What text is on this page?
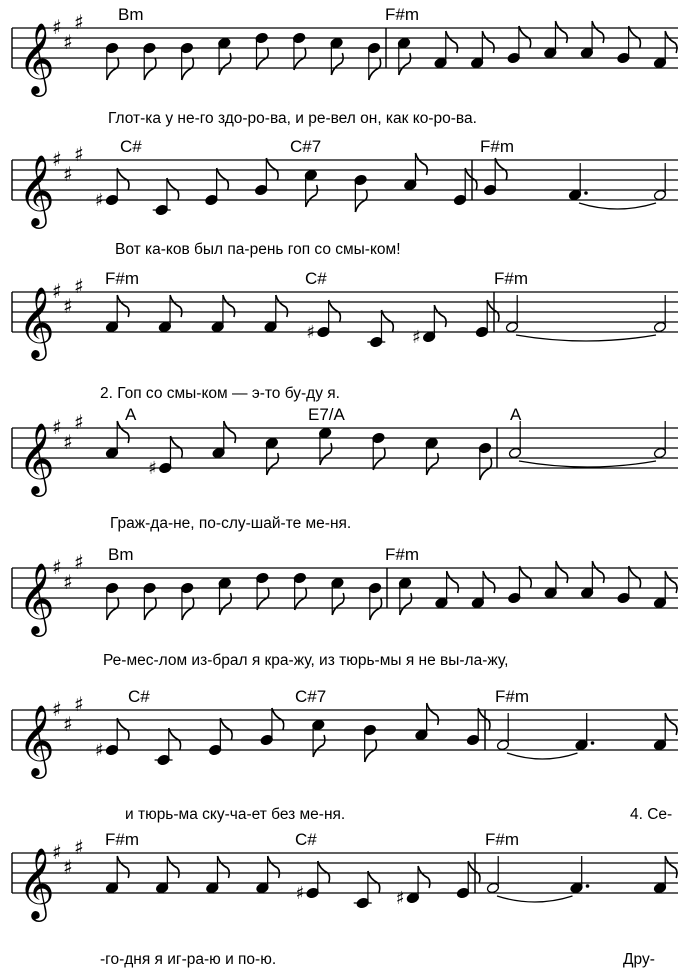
𝄞
♯
♯
♯ Bm	F#m
Глот-ка у не-го здо-ро-ва, и ре-вел он, как ко-ро-ва.
𝄞
♯
♯
♯ C#	C#7	F#m
♯
Вот ка-ков был па-рень гоп со смы-ком!
𝄞
♯
♯
♯ F#m	C#	F#m
♯	♯
2. Гоп со смы-ком — э-то бу-ду я.
𝄞
♯
♯
♯ A	E7/A	A
♯
Граж-да-не, по-слу-шай-те ме-ня.
𝄞
♯
♯
♯ Bm	F#m
Ре-мес-лом из-брал я кра-жу, из тюрь-мы я не вы-ла-жу,
𝄞
♯
♯
♯	C#	C#7	F#m
♯
и тюрь-ма ску-ча-ет без ме-ня.	4. Се-
𝄞
♯
♯
♯ F#m	C#	F#m
♯	♯
-го-дня я иг-ра-ю и по-ю.	Дру-
